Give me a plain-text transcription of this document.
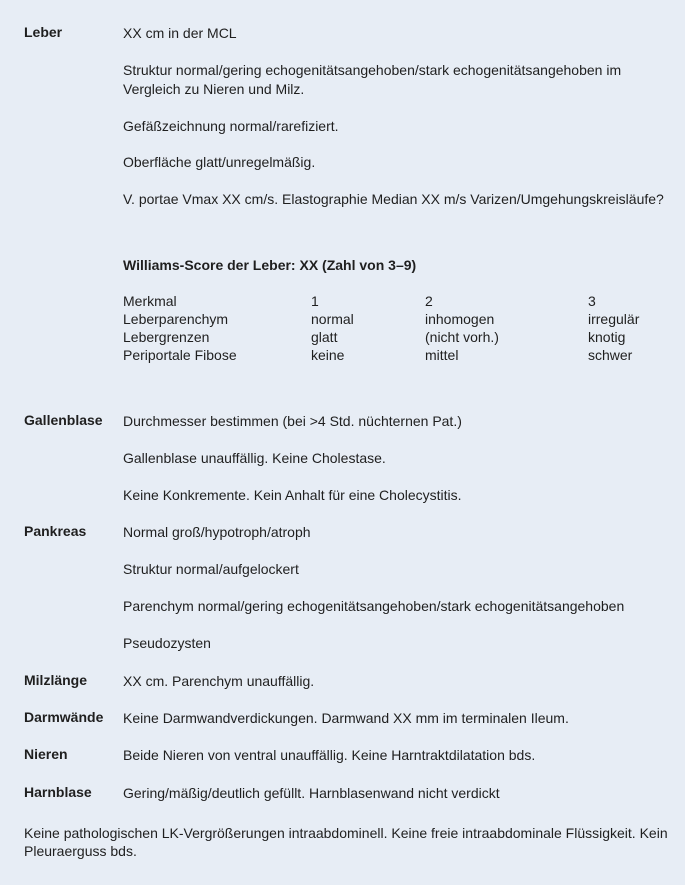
Leber	XX cm in der MCL
Struktur normal/gering echogenitätsangehoben/stark echogenitätsangehoben im Vergleich zu Nieren und Milz.
Gefäßzeichnung normal/rarefiziert.
Oberfläche glatt/unregelmäßig.
V. portae Vmax XX cm/s. Elastographie Median XX m/s Varizen/Umgehungskreisläufe?
Williams-Score der Leber: XX (Zahl von 3–9)
Merkmal	1	2	3
Leberparenchym	normal	inhomogen	irregulär
Lebergrenzen	glatt	(nicht vorh.)	knotig
Periportale Fibose	keine	mittel	schwer
Gallenblase Durchmesser bestimmen (bei >4 Std. nüchternen Pat.)
Gallenblase unauffällig. Keine Cholestase.
Keine Konkremente. Kein Anhalt für eine Cholecystitis.
Pankreas	Normal groß/hypotroph/atroph
Struktur normal/aufgelockert
Parenchym normal/gering echogenitätsangehoben/stark echogenitätsangehoben
Pseudozysten
Milzlänge	XX cm. Parenchym unauffällig.
Darmwände Keine Darmwandverdickungen. Darmwand XX mm im terminalen Ileum.
Nieren	Beide Nieren von ventral unauffällig. Keine Harntraktdilatation bds.
Harnblase Gering/mäßig/deutlich gefüllt. Harnblasenwand nicht verdickt
Keine pathologischen LK-Vergrößerungen intraabdominell. Keine freie intraabdominale Flüssigkeit. Kein Pleuraerguss bds.
